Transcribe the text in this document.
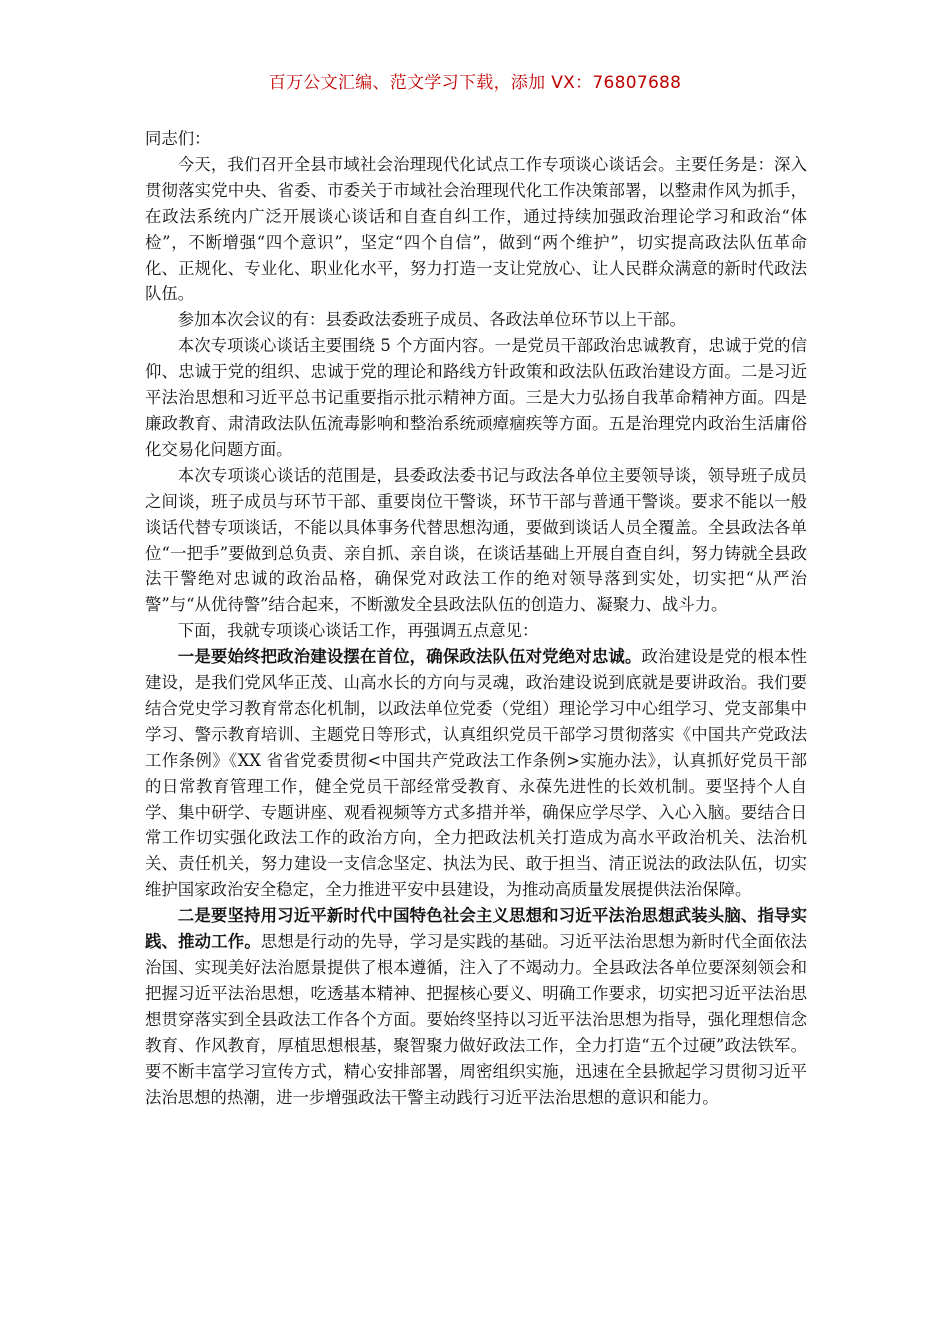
百万公文汇编、范文学习下载，添加 VX：76807688

同志们：

今天，我们召开全县市域社会治理现代化试点工作专项谈心谈话会。主要任务是：深入贯彻落实党中央、省委、市委关于市域社会治理现代化工作决策部署，以整肃作风为抓手，在政法系统内广泛开展谈心谈话和自查自纠工作，通过持续加强政治理论学习和政治“体检”，不断增强“四个意识”，坚定“四个自信”，做到“两个维护”，切实提高政法队伍革命化、正规化、专业化、职业化水平，努力打造一支让党放心、让人民群众满意的新时代政法队伍。

参加本次会议的有：县委政法委班子成员、各政法单位环节以上干部。

本次专项谈心谈话主要围绕 5 个方面内容。一是党员干部政治忠诚教育，忠诚于党的信仰、忠诚于党的组织、忠诚于党的理论和路线方针政策和政法队伍政治建设方面。二是习近平法治思想和习近平总书记重要指示批示精神方面。三是大力弘扬自我革命精神方面。四是廉政教育、肃清政法队伍流毒影响和整治系统顽瘴痼疾等方面。五是治理党内政治生活庸俗化交易化问题方面。

本次专项谈心谈话的范围是，县委政法委书记与政法各单位主要领导谈，领导班子成员之间谈，班子成员与环节干部、重要岗位干警谈，环节干部与普通干警谈。要求不能以一般谈话代替专项谈话，不能以具体事务代替思想沟通，要做到谈话人员全覆盖。全县政法各单位“一把手”要做到总负责、亲自抓、亲自谈，在谈话基础上开展自查自纠，努力铸就全县政法干警绝对忠诚的政治品格，确保党对政法工作的绝对领导落到实处，切实把“从严治警”与“从优待警”结合起来，不断激发全县政法队伍的创造力、凝聚力、战斗力。

下面，我就专项谈心谈话工作，再强调五点意见：

一是要始终把政治建设摆在首位，确保政法队伍对党绝对忠诚。政治建设是党的根本性建设，是我们党风华正茂、山高水长的方向与灵魂，政治建设说到底就是要讲政治。我们要结合党史学习教育常态化机制，以政法单位党委（党组）理论学习中心组学习、党支部集中学习、警示教育培训、主题党日等形式，认真组织党员干部学习贯彻落实《中国共产党政法工作条例》《XX 省省党委贯彻<中国共产党政法工作条例>实施办法》，认真抓好党员干部的日常教育管理工作，健全党员干部经常受教育、永葆先进性的长效机制。要坚持个人自学、集中研学、专题讲座、观看视频等方式多措并举，确保应学尽学、入心入脑。要结合日常工作切实强化政法工作的政治方向，全力把政法机关打造成为高水平政治机关、法治机关、责任机关，努力建设一支信念坚定、执法为民、敢于担当、清正说法的政法队伍，切实维护国家政治安全稳定，全力推进平安中县建设，为推动高质量发展提供法治保障。

二是要坚持用习近平新时代中国特色社会主义思想和习近平法治思想武装头脑、指导实践、推动工作。思想是行动的先导，学习是实践的基础。习近平法治思想为新时代全面依法治国、实现美好法治愿景提供了根本遵循，注入了不竭动力。全县政法各单位要深刻领会和把握习近平法治思想，吃透基本精神、把握核心要义、明确工作要求，切实把习近平法治思想贯穿落实到全县政法工作各个方面。要始终坚持以习近平法治思想为指导，强化理想信念教育、作风教育，厚植思想根基，聚智聚力做好政法工作，全力打造“五个过硬”政法铁军。要不断丰富学习宣传方式，精心安排部署，周密组织实施，迅速在全县掀起学习贯彻习近平法治思想的热潮，进一步增强政法干警主动践行习近平法治思想的意识和能力。
